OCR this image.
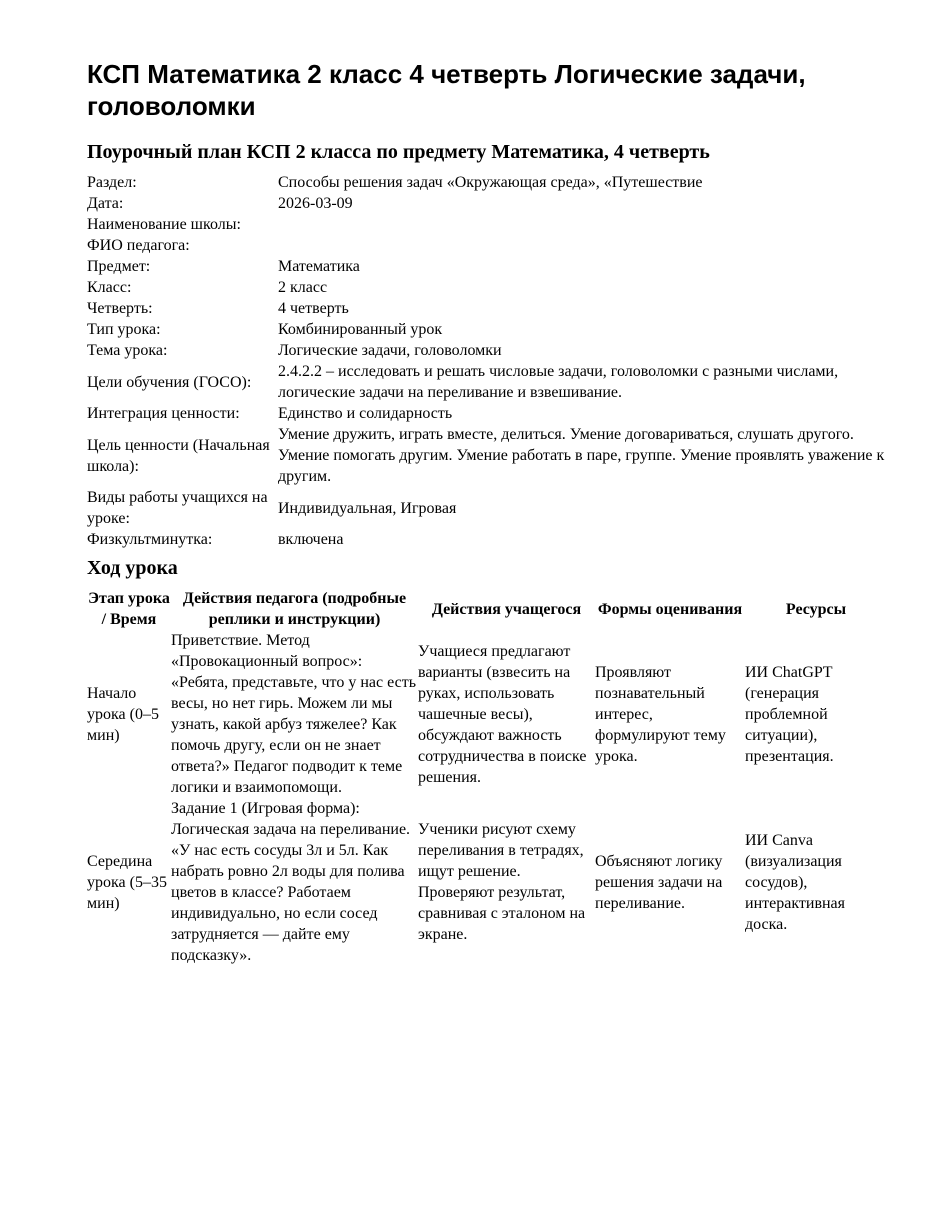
КСП Математика 2 класс 4 четверть Логические задачи, головоломки
Поурочный план КСП 2 класса по предмету Математика, 4 четверть
Раздел:	Способы решения задач «Окружающая среда», «Путешествие
Дата:	2026-03-09
Наименование школы:	
ФИО педагога:	
Предмет:	Математика
Класс:	2 класс
Четверть:	4 четверть
Тип урока:	Комбинированный урок
Тема урока:	Логические задачи, головоломки
Цели обучения (ГОСО):	2.4.2.2 – исследовать и решать числовые задачи, головоломки с разными числами, логические задачи на переливание и взвешивание.
Интеграция ценности:	Единство и солидарность
Цель ценности (Начальная школа):	Умение дружить, играть вместе, делиться. Умение договариваться, слушать другого. Умение помогать другим. Умение работать в паре, группе. Умение проявлять уважение к другим.
Виды работы учащихся на уроке:	Индивидуальная, Игровая
Физкультминутка:	включена
Ход урока
Этап урока / Время	Действия педагога (подробные реплики и инструкции)	Действия учащегося	Формы оценивания	Ресурсы
Начало урока (0–5 мин)	Приветствие. Метод «Провокационный вопрос»: «Ребята, представьте, что у нас есть весы, но нет гирь. Можем ли мы узнать, какой арбуз тяжелее? Как помочь другу, если он не знает ответа?» Педагог подводит к теме логики и взаимопомощи.	Учащиеся предлагают варианты (взвесить на руках, использовать чашечные весы), обсуждают важность сотрудничества в поиске решения.	Проявляют познавательный интерес, формулируют тему урока.	ИИ ChatGPT (генерация проблемной ситуации), презентация.
Середина урока (5–35 мин)	Задание 1 (Игровая форма): Логическая задача на переливание. «У нас есть сосуды 3л и 5л. Как набрать ровно 2л воды для полива цветов в классе? Работаем индивидуально, но если сосед затрудняется — дайте ему подсказку».	Ученики рисуют схему переливания в тетрадях, ищут решение. Проверяют результат, сравнивая с эталоном на экране.	Объясняют логику решения задачи на переливание.	ИИ Canva (визуализация сосудов), интерактивная доска.
